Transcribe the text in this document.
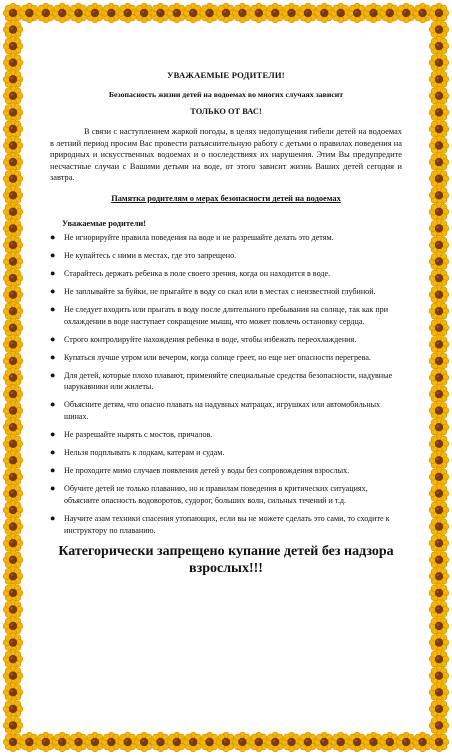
УВАЖАЕМЫЕ РОДИТЕЛИ!
Безопасность жизни детей на водоемах во многих случаях зависит
ТОЛЬКО ОТ ВАС!

В связи с наступлением жаркой погоды, в целях недопущения гибели детей на водоемах в летний период просим Вас провести разъяснительную работу с детьми о правилах поведения на природных и искусственных водоемах и о последствиях их нарушения. Этим Вы предупредите несчастные случаи с Вашими детьми на воде, от этого зависит жизнь Ваших детей сегодня и завтра.

Памятка родителям о мерах безопасности детей на водоемах
Уважаемые родители!
● Не игнорируйте правила поведения на воде и не разрешайте делать это детям.
● Не купайтесь с ними в местах, где это запрещено.
● Старайтесь держать ребенка в поле своего зрения, когда он находится в воде.
● Не заплывайте за буйки, не прыгайте в воду со скал или в местах с неизвестной глубиной.
● Не следует входить или прыгать в воду после длительного пребывания на солнце, так как при охлаждении в воде наступает сокращение мышц, что может повлечь остановку сердца.
● Строго контролируйте нахождения ребенка в воде, чтобы избежать переохлаждения.
● Купаться лучше утром или вечером, когда солнце греет, но еще нет опасности перегрева.
● Для детей, которые плохо плавают, применяйте специальные средства безопасности, надувные нарукавники или жилеты.
● Объясните детям, что опасно плавать на надувных матрацах, игрушках или автомобильных шинах.
● Не разрешайте нырять с мостов, причалов.
● Нельзя подплывать к лодкам, катерам и судам.
● Не проходите мимо случаев появления детей у воды без сопровождения взрослых.
● Обучите детей не только плаванию, но и правилам поведения в критических ситуациях, объясните опасность водоворотов, судорог, больших волн, сильных течений и т.д.
● Научите азам техники спасения утопающих, если вы не можете сделать это сами, то сходите к инструктору по плаванию.
Категорически запрещено купание детей без надзора взрослых!!!
